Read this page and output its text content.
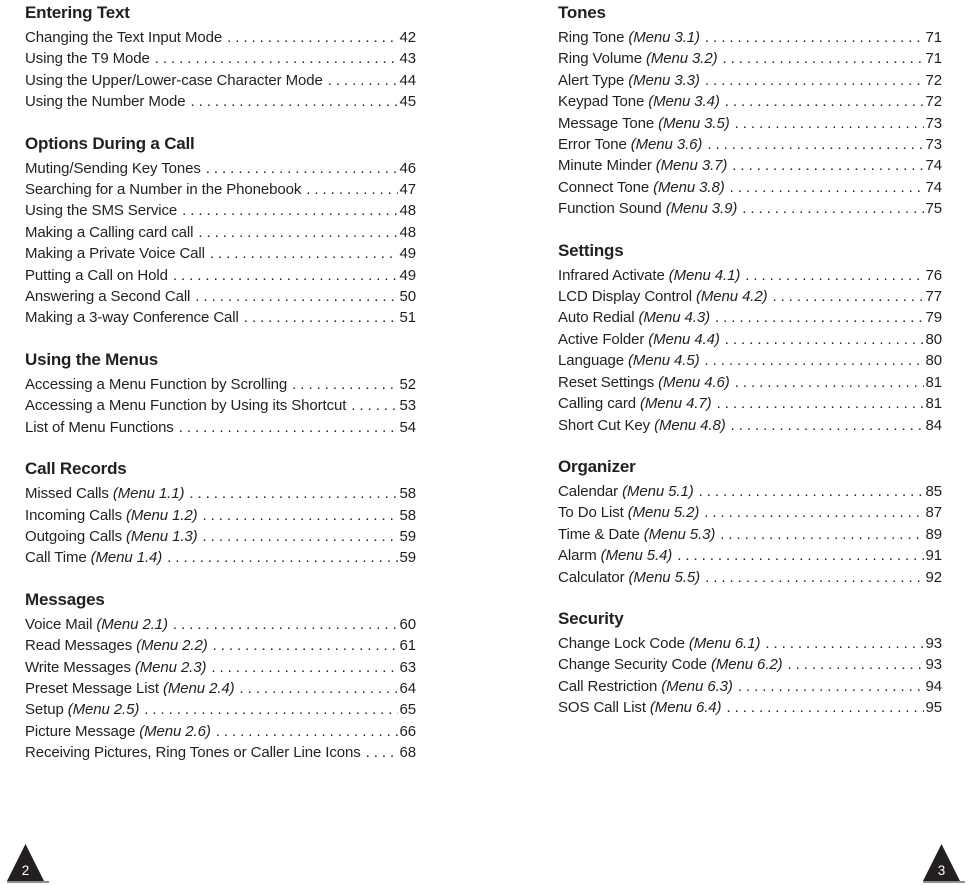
Entering Text
Changing the Text Input Mode . . .	42
Using the T9 Mode . . .	43
Using the Upper/Lower-case Character Mode . . .	44
Using the Number Mode . . .	45
Options During a Call
Muting/Sending Key Tones . . .	46
Searching for a Number in the Phonebook . . .	47
Using the SMS Service . . .	48
Making a Calling card call . . .	48
Making a Private Voice Call . . .	49
Putting a Call on Hold . . .	49
Answering a Second Call . . .	50
Making a 3-way Conference Call . . .	51
Using the Menus
Accessing a Menu Function by Scrolling . . .	52
Accessing a Menu Function by Using its Shortcut . . .	53
List of Menu Functions . . .	54
Call Records
Missed Calls (Menu 1.1) . . .	58
Incoming Calls (Menu 1.2) . . .	58
Outgoing Calls (Menu 1.3) . . .	59
Call Time (Menu 1.4) . . .	59
Messages
Voice Mail (Menu 2.1) . . .	60
Read Messages (Menu 2.2) . . .	61
Write Messages (Menu 2.3) . . .	63
Preset Message List (Menu 2.4) . . .	64
Setup (Menu 2.5) . . .	65
Picture Message (Menu 2.6) . . .	66
Receiving Pictures, Ring Tones or Caller Line Icons . . .	68
Tones
Ring Tone (Menu 3.1) . . .	71
Ring Volume (Menu 3.2) . . .	71
Alert Type (Menu 3.3) . . .	72
Keypad Tone (Menu 3.4) . . .	72
Message Tone (Menu 3.5) . . .	73
Error Tone (Menu 3.6) . . .	73
Minute Minder (Menu 3.7) . . .	74
Connect Tone (Menu 3.8) . . .	74
Function Sound (Menu 3.9) . . .	75
Settings
Infrared Activate (Menu 4.1) . . .	76
LCD Display Control (Menu 4.2) . . .	77
Auto Redial (Menu 4.3) . . .	79
Active Folder (Menu 4.4) . . .	80
Language (Menu 4.5) . . .	80
Reset Settings (Menu 4.6) . . .	81
Calling card (Menu 4.7) . . .	81
Short Cut Key (Menu 4.8) . . .	84
Organizer
Calendar (Menu 5.1) . . .	85
To Do List (Menu 5.2) . . .	87
Time & Date (Menu 5.3) . . .	89
Alarm (Menu 5.4) . . .	91
Calculator (Menu 5.5) . . .	92
Security
Change Lock Code (Menu 6.1) . . .	93
Change Security Code (Menu 6.2) . . .	93
Call Restriction (Menu 6.3) . . .	94
SOS Call List (Menu 6.4) . . .	95
2	3
